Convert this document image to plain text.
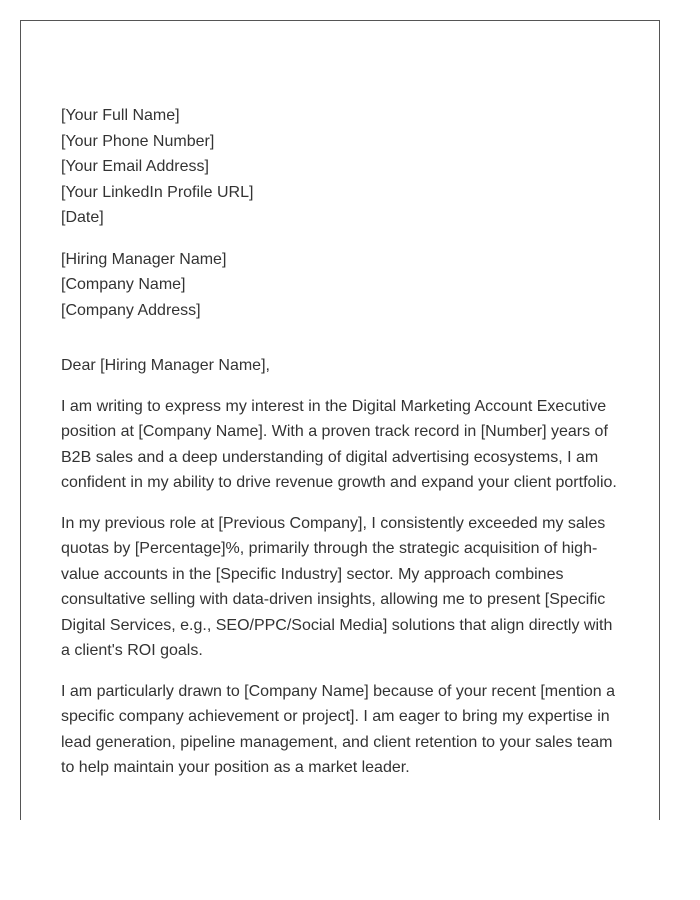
[Your Full Name]
[Your Phone Number]
[Your Email Address]
[Your LinkedIn Profile URL]
[Date]
[Hiring Manager Name]
[Company Name]
[Company Address]
Dear [Hiring Manager Name],
I am writing to express my interest in the Digital Marketing Account Executive
position at [Company Name]. With a proven track record in [Number] years of
B2B sales and a deep understanding of digital advertising ecosystems, I am
confident in my ability to drive revenue growth and expand your client portfolio.
In my previous role at [Previous Company], I consistently exceeded my sales
quotas by [Percentage]%, primarily through the strategic acquisition of high-
value accounts in the [Specific Industry] sector. My approach combines
consultative selling with data-driven insights, allowing me to present [Specific
Digital Services, e.g., SEO/PPC/Social Media] solutions that align directly with
a client's ROI goals.
I am particularly drawn to [Company Name] because of your recent [mention a
specific company achievement or project]. I am eager to bring my expertise in
lead generation, pipeline management, and client retention to your sales team
to help maintain your position as a market leader.
